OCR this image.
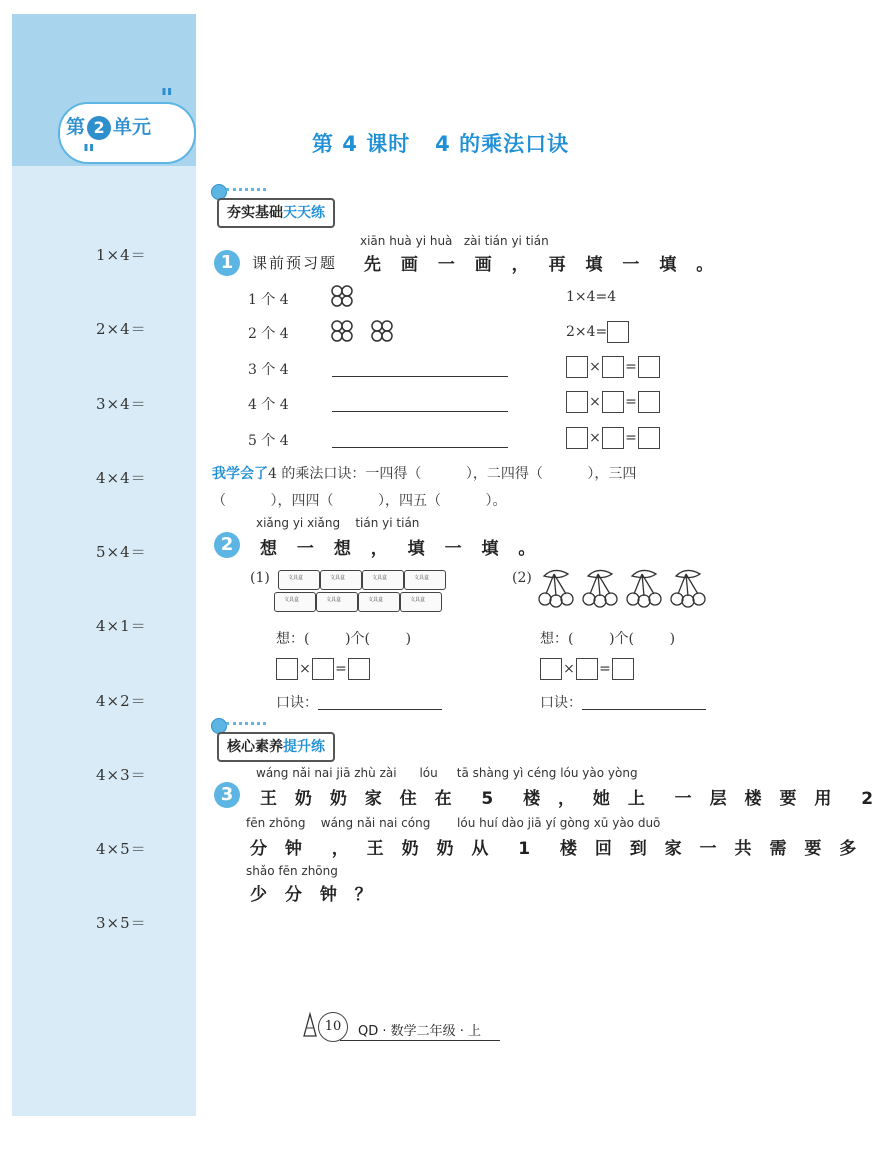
"
"
第 2 单元
1×4＝
2×4＝
3×4＝
4×4＝
5×4＝
4×1＝
4×2＝
4×3＝
4×5＝
3×5＝
第 4 课时   4 的乘法口诀
夯实基础天天练
1	课前预习题
xiān huà yi huà   zài tián yi tián
先 画 一 画 ， 再 填 一 填 。
1 个 4	1×4=4
2 个 4	2×4=
3 个 4	× =
4 个 4	× =
5 个 4	× =
我学会了4 的乘法口诀：一四得（          ），二四得（          ），三四
（          ），四四（          ），四五（          ）。
2
xiǎng yi xiǎng    tián yi tián
想 一 想 ， 填 一 填 。
(1)	文具盒	文具盒	文具盒	文具盒
文具盒	文具盒	文具盒	文具盒
(2)
想：(        )个(        )	想：(        )个(        )
× =	× =
口诀：	口诀：
核心素养提升练
3
wáng nǎi nai jiā zhù zài      lóu     tā shàng yì céng lóu yào yòng
王 奶 奶 家 住 在  5  楼 ， 她 上  一 层 楼 要 用  2
fēn zhōng    wáng nǎi nai cóng       lóu huí dào jiā yí gòng xū yào duō
分 钟  ， 王 奶 奶 从  1  楼 回 到 家 一 共 需 要 多
shǎo fēn zhōng
少 分 钟 ？
10	QD · 数学二年级 · 上
